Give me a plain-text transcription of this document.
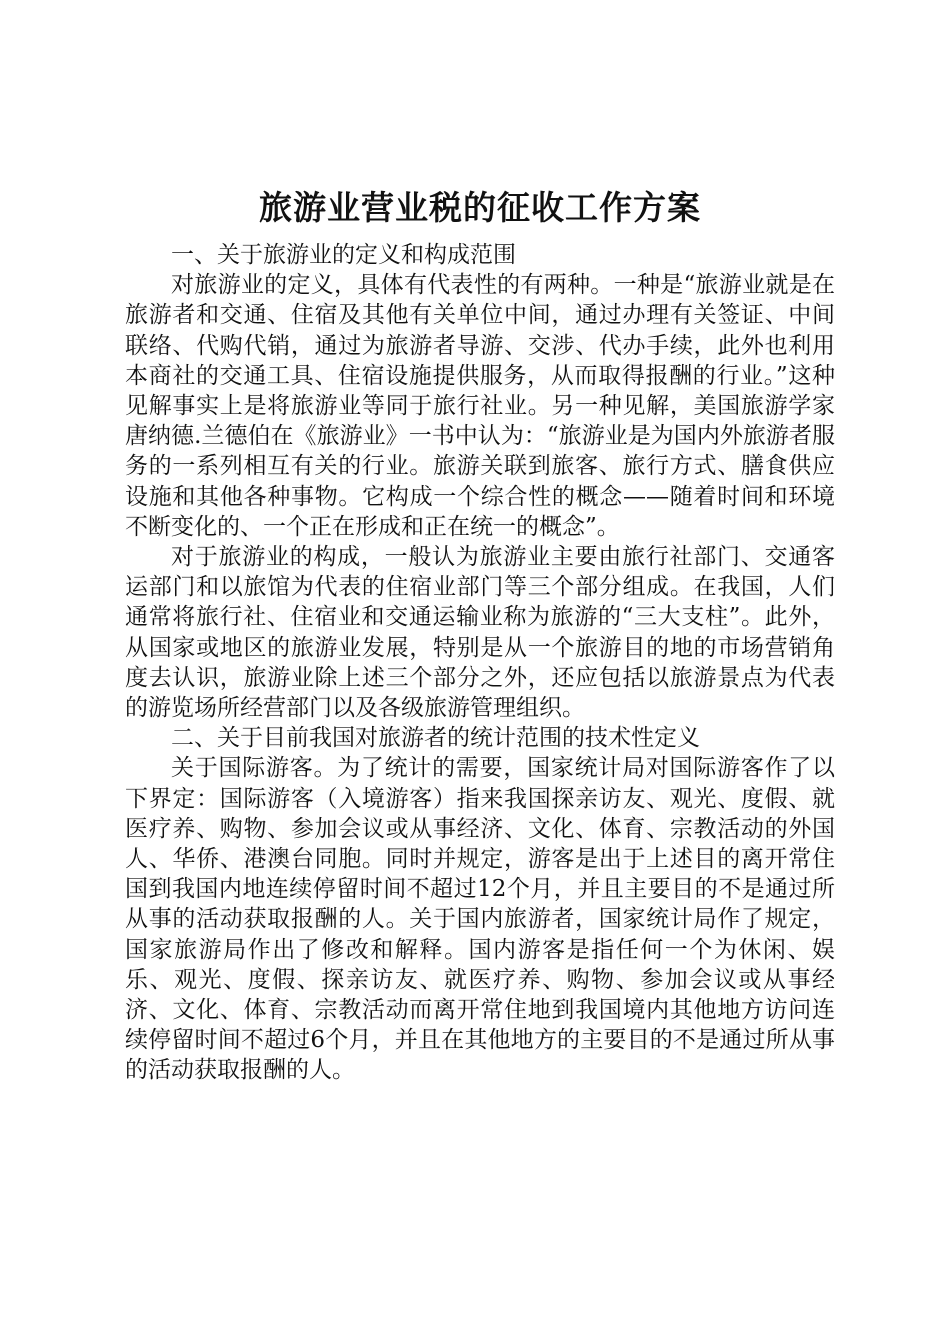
旅游业营业税的征收工作方案

一、关于旅游业的定义和构成范围

对旅游业的定义，具体有代表性的有两种。一种是“旅游业就是在旅游者和交通、住宿及其他有关单位中间，通过办理有关签证、中间联络、代购代销，通过为旅游者导游、交涉、代办手续，此外也利用本商社的交通工具、住宿设施提供服务，从而取得报酬的行业。”这种见解事实上是将旅游业等同于旅行社业。另一种见解，美国旅游学家唐纳德.兰德伯在《旅游业》一书中认为：“旅游业是为国内外旅游者服务的一系列相互有关的行业。旅游关联到旅客、旅行方式、膳食供应设施和其他各种事物。它构成一个综合性的概念——随着时间和环境不断变化的、一个正在形成和正在统一的概念”。

对于旅游业的构成，一般认为旅游业主要由旅行社部门、交通客运部门和以旅馆为代表的住宿业部门等三个部分组成。在我国，人们通常将旅行社、住宿业和交通运输业称为旅游的“三大支柱”。此外，从国家或地区的旅游业发展，特别是从一个旅游目的地的市场营销角度去认识，旅游业除上述三个部分之外，还应包括以旅游景点为代表的游览场所经营部门以及各级旅游管理组织。

二、关于目前我国对旅游者的统计范围的技术性定义

关于国际游客。为了统计的需要，国家统计局对国际游客作了以下界定：国际游客（入境游客）指来我国探亲访友、观光、度假、就医疗养、购物、参加会议或从事经济、文化、体育、宗教活动的外国人、华侨、港澳台同胞。同时并规定，游客是出于上述目的离开常住国到我国内地连续停留时间不超过12个月，并且主要目的不是通过所从事的活动获取报酬的人。关于国内旅游者，国家统计局作了规定，国家旅游局作出了修改和解释。国内游客是指任何一个为休闲、娱乐、观光、度假、探亲访友、就医疗养、购物、参加会议或从事经济、文化、体育、宗教活动而离开常住地到我国境内其他地方访问连续停留时间不超过6个月，并且在其他地方的主要目的不是通过所从事的活动获取报酬的人。
